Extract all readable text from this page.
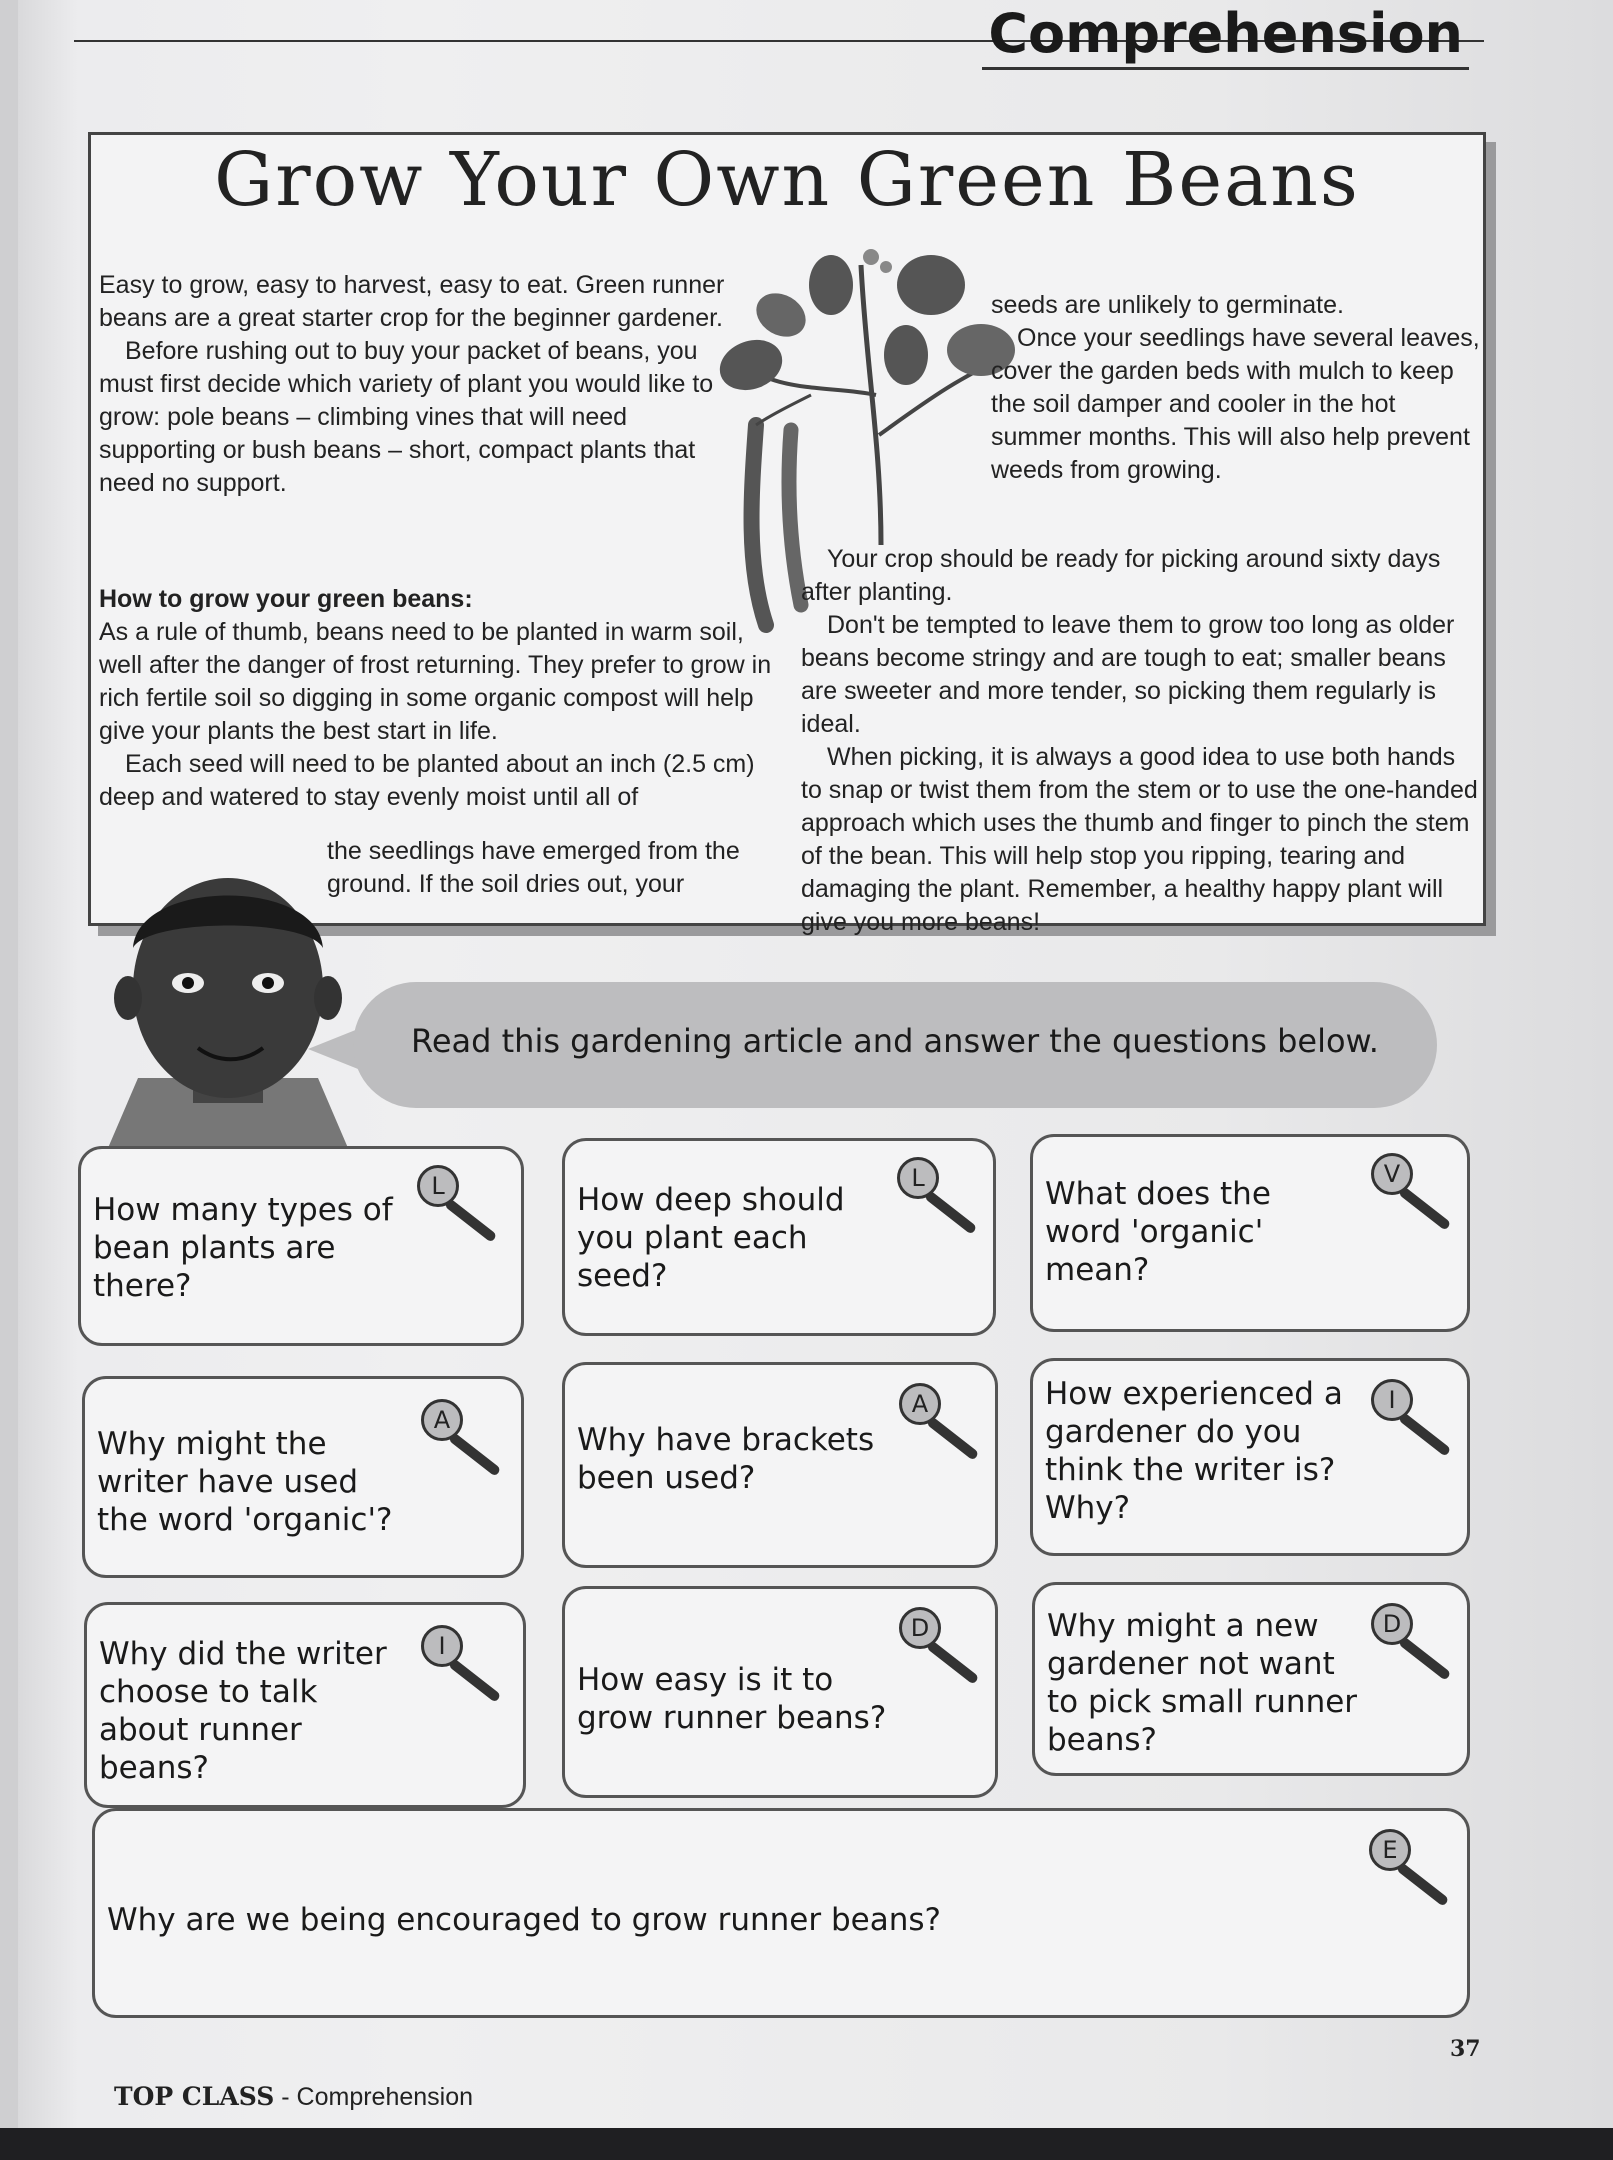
Comprehension
Grow Your Own Green Beans

Easy to grow, easy to harvest, easy to eat. Green runner beans are a great starter crop for the beginner gardener.

Before rushing out to buy your packet of beans, you must first decide which variety of plant you would like to grow: pole beans – climbing vines that will need supporting or bush beans – short, compact plants that need no support.

How to grow your green beans:

As a rule of thumb, beans need to be planted in warm soil, well after the danger of frost returning. They prefer to grow in rich fertile soil so digging in some organic compost will help give your plants the best start in life.

Each seed will need to be planted about an inch (2.5 cm) deep and watered to stay evenly moist until all of

the seedlings have emerged from the ground. If the soil dries out, your

seeds are unlikely to germinate.

Once your seedlings have several leaves, cover the garden beds with mulch to keep the soil damper and cooler in the hot summer months. This will also help prevent weeds from growing.

Your crop should be ready for picking around sixty days after planting.

Don't be tempted to leave them to grow too long as older beans become stringy and are tough to eat; smaller beans are sweeter and more tender, so picking them regularly is ideal.

When picking, it is always a good idea to use both hands to snap or twist them from the stem or to use the one-handed approach which uses the thumb and finger to pinch the stem of the bean. This will help stop you ripping, tearing and damaging the plant. Remember, a healthy happy plant will give you more beans!

Read this gardening article and answer the questions below.
How many types of bean plants are there?
L	How deep should you plant each seed?
L	What does the word 'organic' mean?
V
Why might the writer have used the word 'organic'?
A
Why have brackets been used?
A	How experienced a gardener do you think the writer is? Why?
I
Why did the writer choose to talk about runner beans?
I
How easy is it to grow runner beans?
D	Why might a new gardener not want to pick small runner beans?
D
Why are we being encouraged to grow runner beans?
E
37
TOP CLASS - Comprehension
